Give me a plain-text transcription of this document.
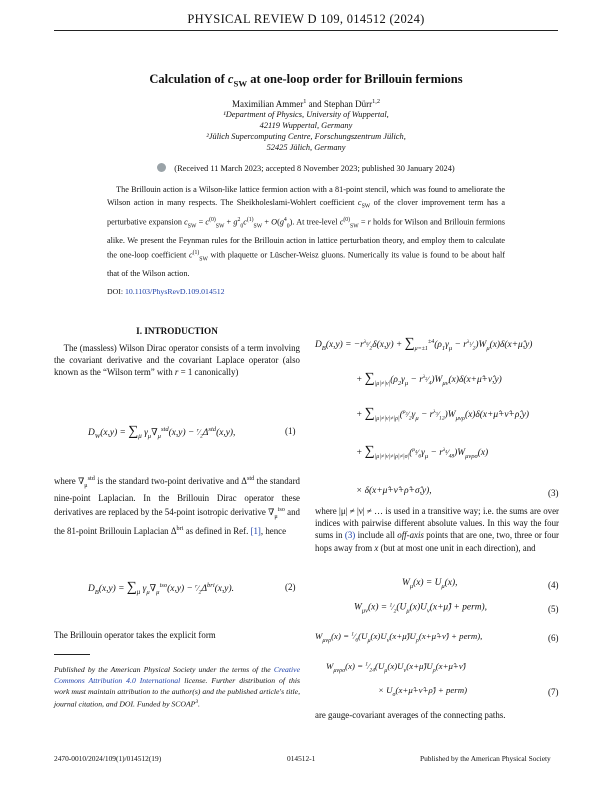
PHYSICAL REVIEW D 109, 014512 (2024)
Calculation of $c_{SW}$ at one-loop order for Brillouin fermions
Maximilian Ammer$^1$ and Stephan Dürr$^{1,2}$
¹Department of Physics, University of Wuppertal,
42119 Wuppertal, Germany
²Jülich Supercomputing Centre, Forschungszentrum Jülich,
52425 Jülich, Germany
(Received 11 March 2023; accepted 8 November 2023; published 30 January 2024)
The Brillouin action is a Wilson-like lattice fermion action with a 81-point stencil, which was found to ameliorate the Wilson action in many respects. The Sheikholeslami-Wohlert coefficient $c_{SW}$ of the clover improvement term has a perturbative expansion $c_{SW} = c^{(0)}_{SW} + g^2_0c^{(1)}_{SW} + O(g^4_0)$. At tree-level $c^{(0)}_{SW} = r$ holds for Wilson and Brillouin fermions alike. We present the Feynman rules for the Brillouin action in lattice perturbation theory, and employ them to calculate the one-loop coefficient $c^{(1)}_{SW}$ with plaquette or Lüscher-Weisz gluons. Numerically its value is found to be about half that of the Wilson action.
DOI: 10.1103/PhysRevD.109.014512
I. INTRODUCTION
The (massless) Wilson Dirac operator consists of a term involving the covariant derivative and the covariant Laplace operator (also known as the “Wilson term” with r = 1 canonically)
$D_W(x,y) = \sum_\mu$ $\gamma_\mu\nabla_\mu^{std}(x,y)$ − $^r⁄_2\Delta^{std}(x,y)$,	(1)
where $\nabla_\mu^{std}$ is the standard two-point derivative and $\Delta^{std}$ the standard nine-point Laplacian. In the Brillouin Dirac operator these derivatives are replaced by the 54-point isotropic derivative $\nabla_\mu^{iso}$ and the 81-point Brillouin Laplacian $\Delta^{bri}$ as defined in Ref. [1], hence
$D_B(x,y) = \sum_\mu$ $\gamma_\mu\nabla_\mu^{iso}(x,y)$ − $^r⁄_2\Delta^{bri}(x,y)$.	(2)
The Brillouin operator takes the explicit form
Published by the American Physical Society under the terms of the Creative Commons Attribution 4.0 International license. Further distribution of this work must maintain attribution to the author(s) and the published article's title, journal citation, and DOI. Funded by SCOAP$^3$.
$D_B(x,y)$ = $-r^{\lambda_0}⁄_2\delta(x,y) + \sum_{\mu=\pm 1}^{\pm 4}(\rho_1\gamma_\mu$ − $r^{\lambda_1}⁄_2)W_\mu(x)\delta(x+\mû,y)$
+ $\sum_{|\mu|\ne|\nu|}(\rho_2\gamma_\mu$ − $r^{\lambda_2}⁄_4)W_{\mu\nu}(x)\delta(x+\mû+\nû,y)$
+ $\sum_{|\mu|\ne|\nu|\ne|\rho|}(^{\rho_3}⁄_2\gamma_\mu$ − $r^{\lambda_3}⁄_{12})W_{\mu\nu\rho}(x)\delta(x+\mû+\nû+\rhô,y)$
+ $\sum_{|\mu|\ne|\nu|\ne|\rho|\ne|\sigma|}(^{\rho_4}⁄_6\gamma_\mu$ − $r^{\lambda_4}⁄_{48})W_{\mu\nu\rho\sigma}(x)$
× δ(x+μ̂+ν̂+ρ̂+σ̂,y),	(3)
where |μ| ≠ |ν| ≠ … is used in a transitive way; i.e. the sums are over indices with pairwise different absolute values. In this way the four sums in (3) include all off-axis points that are one, two, three or four hops away from x (but at most one unit in each direction), and
$W_\mu(x) = U_\mu(x)$,	(4)
$W_{\mu\nu}(x)$ = $^1⁄_2(U_\mu(x)U_\nu(x+\mû)$ + perm),	(5)
$W_{\mu\nu\rho}(x)$ = $^1⁄_6(U_\mu(x)U_\nu(x+\mû)U_\rho(x+\mû+\nû)$ + perm),	(6)
$W_{\mu\nu\rho\sigma}(x)$ = $^1⁄_{24}(U_\mu(x)U_\nu(x+\mû)U_\rho(x+\mû+\nû)$
× $U_\sigma(x+\mû+\nû+\rhô)$ + perm)	(7)
are gauge-covariant averages of the connecting paths.
2470-0010/2024/109(1)/014512(19)	014512-1	Published by the American Physical Society
